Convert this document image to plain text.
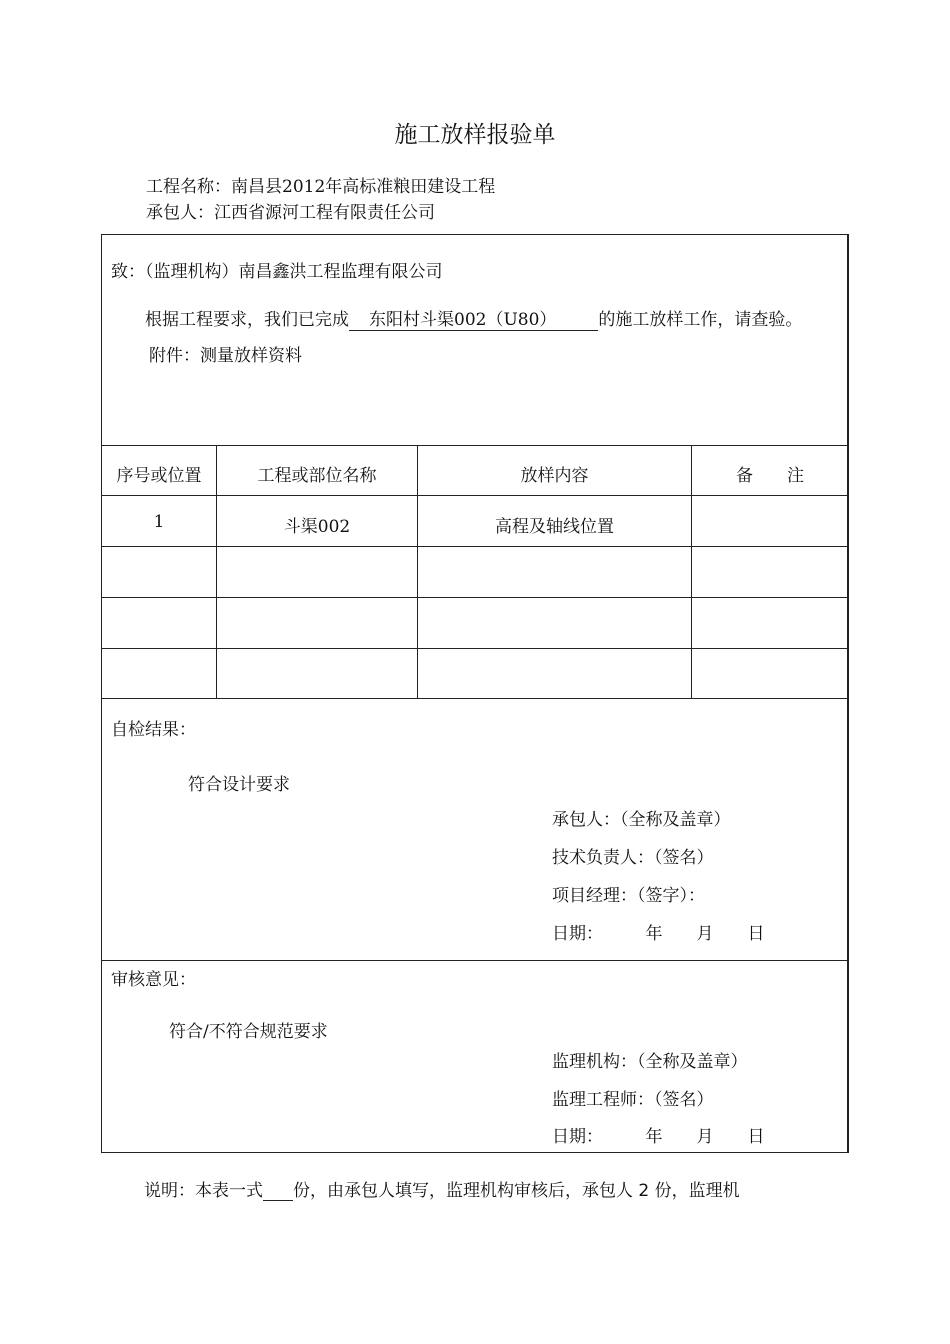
施工放样报验单
工程名称：南昌县2012年高标准粮田建设工程
承包人：江西省源河工程有限责任公司
致：（监理机构）南昌鑫洪工程监理有限公司
根据工程要求，我们已完成 东阳村斗渠002（U80） 的施工放样工作，请查验。
附件：测量放样资料
序号或位置	工程或部位名称	放样内容	备　　注
1	斗渠002	高程及轴线位置
自检结果：
符合设计要求
承包人：（全称及盖章）
技术负责人：（签名）
项目经理：（签字）：
日期：　　　年　　月　　日
审核意见：
符合/不符合规范要求
监理机构：（全称及盖章）
监理工程师：（签名）
日期：　　　年　　月　　日
说明：本表一式 份，由承包人填写，监理机构审核后，承包人 2 份，监理机
